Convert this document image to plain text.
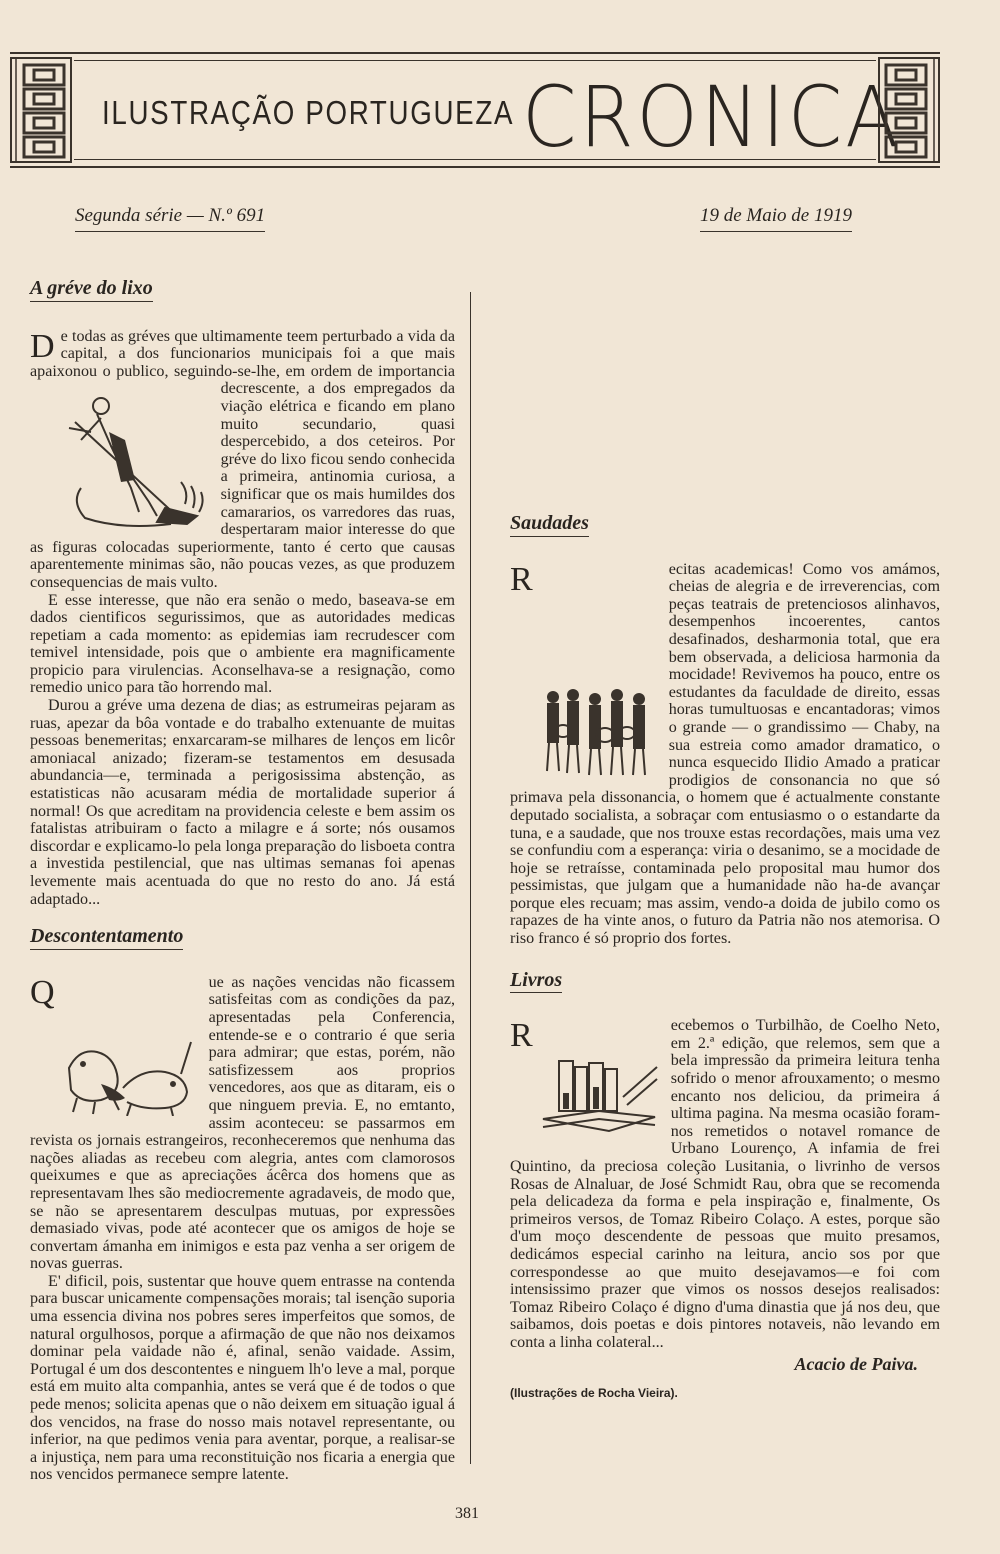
ILUSTRAÇÃO PORTUGUEZA CRONICA
Segunda série — N.º 691	19 de Maio de 1919
A gréve do lixo

D e todas as gréves que ultimamente teem perturbado a vida da capital, a dos funcionarios municipais foi a que mais apaixonou o publico, seguindo-se-lhe, em ordem de importancia decrescente, a dos empregados da viação elétrica e ficando em plano muito secundario, quasi despercebido, a dos ceteiros. Por gréve do lixo ficou sendo conhecida a primeira, antinomia curiosa, a significar que os mais humildes dos camararios, os varredores das ruas, despertaram maior interesse do que as figuras colocadas superiormente, tanto é certo que causas aparentemente minimas são, não poucas vezes, as que produzem consequencias de mais vulto.

E esse interesse, que não era senão o medo, baseava-se em dados cientificos segurissimos, que as autoridades medicas repetiam a cada momento: as epidemias iam recrudescer com temivel intensidade, pois que o ambiente era magnificamente propicio para virulencias. Aconselhava-se a resignação, como remedio unico para tão horrendo mal.

Durou a gréve uma dezena de dias; as estrumeiras pejaram as ruas, apezar da bôa vontade e do trabalho extenuante de muitas pessoas benemeritas; enxarcaram-se milhares de lenços em licôr amoniacal anizado; fizeram-se testamentos em desusada abundancia—e, terminada a perigosissima abstenção, as estatisticas não acusaram média de mortalidade superior á normal! Os que acreditam na providencia celeste e bem assim os fatalistas atribuiram o facto a milagre e á sorte; nós ousamos discordar e explicamo-lo pela longa preparação do lisboeta contra a investida pestilencial, que nas ultimas semanas foi apenas levemente mais acentuada do que no resto do ano. Já está adaptado...

Descontentamento

Q	ue as nações vencidas não ficassem satisfeitas com as condições da paz, apresentadas pela Conferencia, entende-se e o contrario é que seria para admirar; que estas, porém, não satisfizessem aos proprios vencedores, aos que as ditaram, eis o que ninguem previa. E, no emtanto, assim aconteceu: se passarmos em revista os jornais estrangeiros, reconheceremos que nenhuma das nações aliadas as recebeu com alegria, antes com clamorosos queixumes e que as apreciações ácêrca dos homens que as representavam lhes são mediocremente agradaveis, de modo que, se não se apresentarem desculpas mutuas, por expressões demasiado vivas, pode até acontecer que os amigos de hoje se convertam ámanha em inimigos e esta paz venha a ser origem de novas guerras.

E' dificil, pois, sustentar que houve quem entrasse na contenda para buscar unicamente compensações morais; tal isenção suporia uma essencia divina nos pobres seres imperfeitos que somos, de natural orgulhosos, porque a afirmação de que não nos deixamos dominar pela vaidade não é, afinal, senão vaidade. Assim, Portugal é um dos descontentes e ninguem lh'o leve a mal, porque está em muito alta companhia, antes se verá que é de todos o que pede menos; solicita apenas que o não deixem em situação igual á dos vencidos, na frase do nosso mais notavel representante, ou inferior, na que pedimos venia para aventar, porque, a realisar-se a injustiça, nem para uma reconstituição nos ficaria a energia que nos vencidos permanece sempre latente.

Saudades

R	ecitas academicas! Como vos amámos, cheias de alegria e de irreverencias, com peças teatrais de pretenciosos alinhavos, desempenhos incoerentes, cantos desafinados, desharmonia total, que era bem observada, a deliciosa harmonia da mocidade! Revivemos ha pouco, entre os estudantes da faculdade de direito, essas horas tumultuosas e encantadoras; vimos o grande — o grandissimo — Chaby, na sua estreia como amador dramatico, o nunca esquecido Ilidio Amado a praticar prodigios de consonancia no que só primava pela dissonancia, o homem que é actualmente constante deputado socialista, a sobraçar com entusiasmo o o estandarte da tuna, e a saudade, que nos trouxe estas recordações, mais uma vez se confundiu com a esperança: viria o desanimo, se a mocidade de hoje se retraísse, contaminada pelo proposital mau humor dos pessimistas, que julgam que a humanidade não ha-de avançar porque eles recuam; mas assim, vendo-a doida de jubilo como os rapazes de ha vinte anos, o futuro da Patria não nos atemorisa. O riso franco é só proprio dos fortes.

Livros

R	ecebemos o Turbilhão, de Coelho Neto, em 2.ª edição, que relemos, sem que a bela impressão da primeira leitura tenha sofrido o menor afrouxamento; o mesmo encanto nos deliciou, da primeira á ultima pagina. Na mesma ocasião foram-nos remetidos o notavel romance de Urbano Lourenço, A infamia de frei Quintino, da preciosa coleção Lusitania, o livrinho de versos Rosas de Alnaluar, de José Schmidt Rau, obra que se recomenda pela delicadeza da forma e pela inspiração e, finalmente, Os primeiros versos, de Tomaz Ribeiro Colaço. A estes, porque são d'um moço descendente de pessoas que muito presamos, dedicámos especial carinho na leitura, ancio sos por que correspondesse ao que muito desejavamos—e foi com intensissimo prazer que vimos os nossos desejos realisados: Tomaz Ribeiro Colaço é digno d'uma dinastia que já nos deu, que saibamos, dois poetas e dois pintores notaveis, não levando em conta a linha colateral...

Acacio de Paiva.
(Ilustrações de Rocha Vieira).
381
